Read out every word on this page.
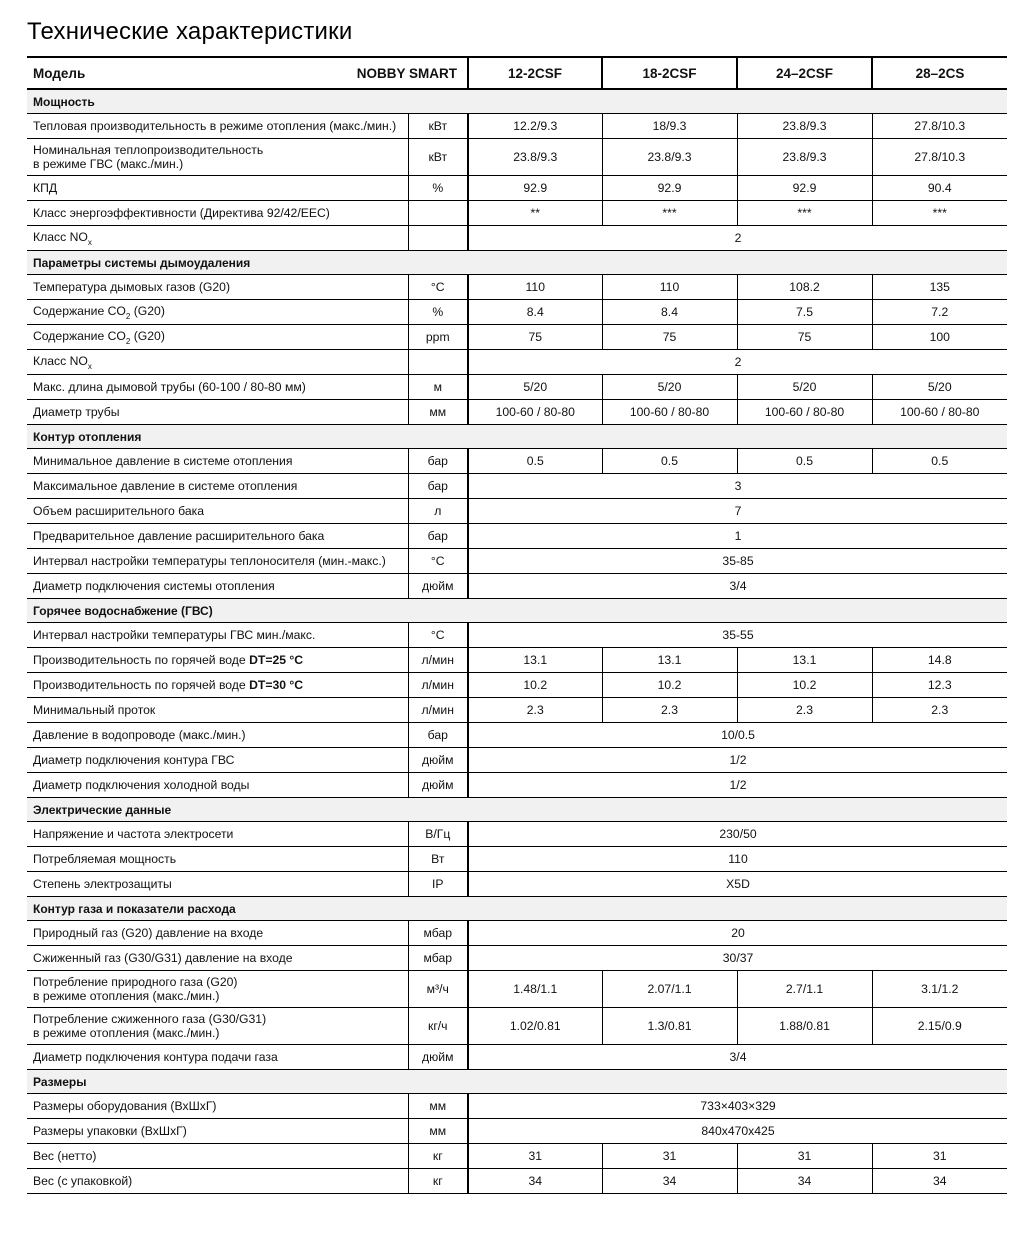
Технические характеристики
Модель NOBBY SMART		12-2CSF	18-2CSF	24–2CSF	28–2CS
Мощность					
Тепловая производительность в режиме отопления (макс./мин.)	кВт	12.2/9.3	18/9.3	23.8/9.3	27.8/10.3
Номинальная теплопроизводительность
в режиме ГВС (макс./мин.)	кВт	23.8/9.3	23.8/9.3	23.8/9.3	27.8/10.3
КПД	%	92.9	92.9	92.9	90.4
Класс энергоэффективности (Директива 92/42/EEC)		**	***	***	***
Класс $NO_x$		2			
Параметры системы дымоудаления					
Температура дымовых газов (G20)	°C	110	110	108.2	135
Содержание $CO_2$ (G20)	%	8.4	8.4	7.5	7.2
Содержание $CO_2$ (G20)	ppm	75	75	75	100
Класс $NO_x$		2			
Макс. длина дымовой трубы (60-100 / 80-80 мм)	м	5/20	5/20	5/20	5/20
Диаметр трубы	мм	100-60 / 80-80	100-60 / 80-80	100-60 / 80-80	100-60 / 80-80
Контур отопления					
Минимальное давление в системе отопления	бар	0.5	0.5	0.5	0.5
Максимальное давление в системе отопления	бар	3			
Объем расширительного бака	л	7			
Предварительное давление расширительного бака	бар	1			
Интервал настройки температуры теплоносителя (мин.-макс.)	°C	35-85			
Диаметр подключения системы отопления	дюйм	3/4			
Горячее водоснабжение (ГВС)					
Интервал настройки температуры ГВС мин./макс.	°C	35-55			
Производительность по горячей воде DT=25 °C	л/мин	13.1	13.1	13.1	14.8
Производительность по горячей воде DT=30 °C	л/мин	10.2	10.2	10.2	12.3
Минимальный проток	л/мин	2.3	2.3	2.3	2.3
Давление в водопроводе (макс./мин.)	бар	10/0.5			
Диаметр подключения контура ГВС	дюйм	1/2			
Диаметр подключения холодной воды	дюйм	1/2			
Электрические данные					
Напряжение и частота электросети	В/Гц	230/50			
Потребляемая мощность	Вт	110			
Степень электрозащиты	IP	X5D			
Контур газа и показатели расхода					
Природный газ (G20) давление на входе	мбар	20			
Сжиженный газ (G30/G31) давление на входе	мбар	30/37			
Потребление природного газа (G20)
в режиме отопления (макс./мин.)	м³/ч	1.48/1.1	2.07/1.1	2.7/1.1	3.1/1.2
Потребление сжиженного газа (G30/G31)
в режиме отопления (макс./мин.)	кг/ч	1.02/0.81	1.3/0.81	1.88/0.81	2.15/0.9
Диаметр подключения контура подачи газа	дюйм	3/4			
Размеры					
Размеры оборудования (ВхШхГ)	мм	733×403×329			
Размеры упаковки (ВхШхГ)	мм	840х470х425			
Вес (нетто)	кг	31	31	31	31
Вес (с упаковкой)	кг	34	34	34	34
